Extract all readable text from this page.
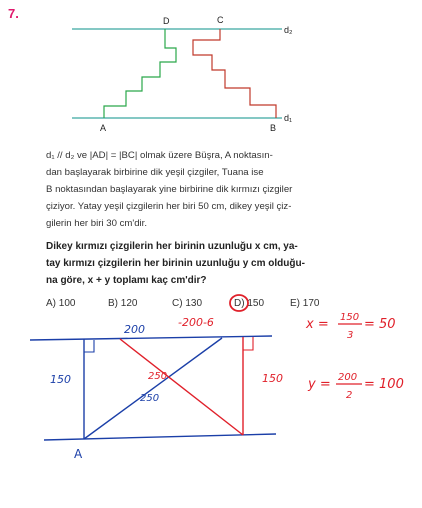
7.	D	C
A	B
d₂
d₁
200
-200-6
150	150
250
250
A
x = 150
3
= 50
y = 200
2
= 100
d₁ // d₂ ve |AD| = |BC| olmak üzere Büşra, A noktasın-
dan başlayarak birbirine dik yeşil çizgiler, Tuana ise
B noktasından başlayarak yine birbirine dik kırmızı çizgiler
çiziyor. Yatay yeşil çizgilerin her biri 50 cm, dikey yeşil çiz-
gilerin her biri 30 cm'dir.
Dikey kırmızı çizgilerin her birinin uzunluğu x cm, ya-
tay kırmızı çizgilerin her birinin uzunluğu y cm olduğu-
na göre, x + y toplamı kaç cm'dir?
A) 100	B) 120	C) 130	D) 150	E) 170
